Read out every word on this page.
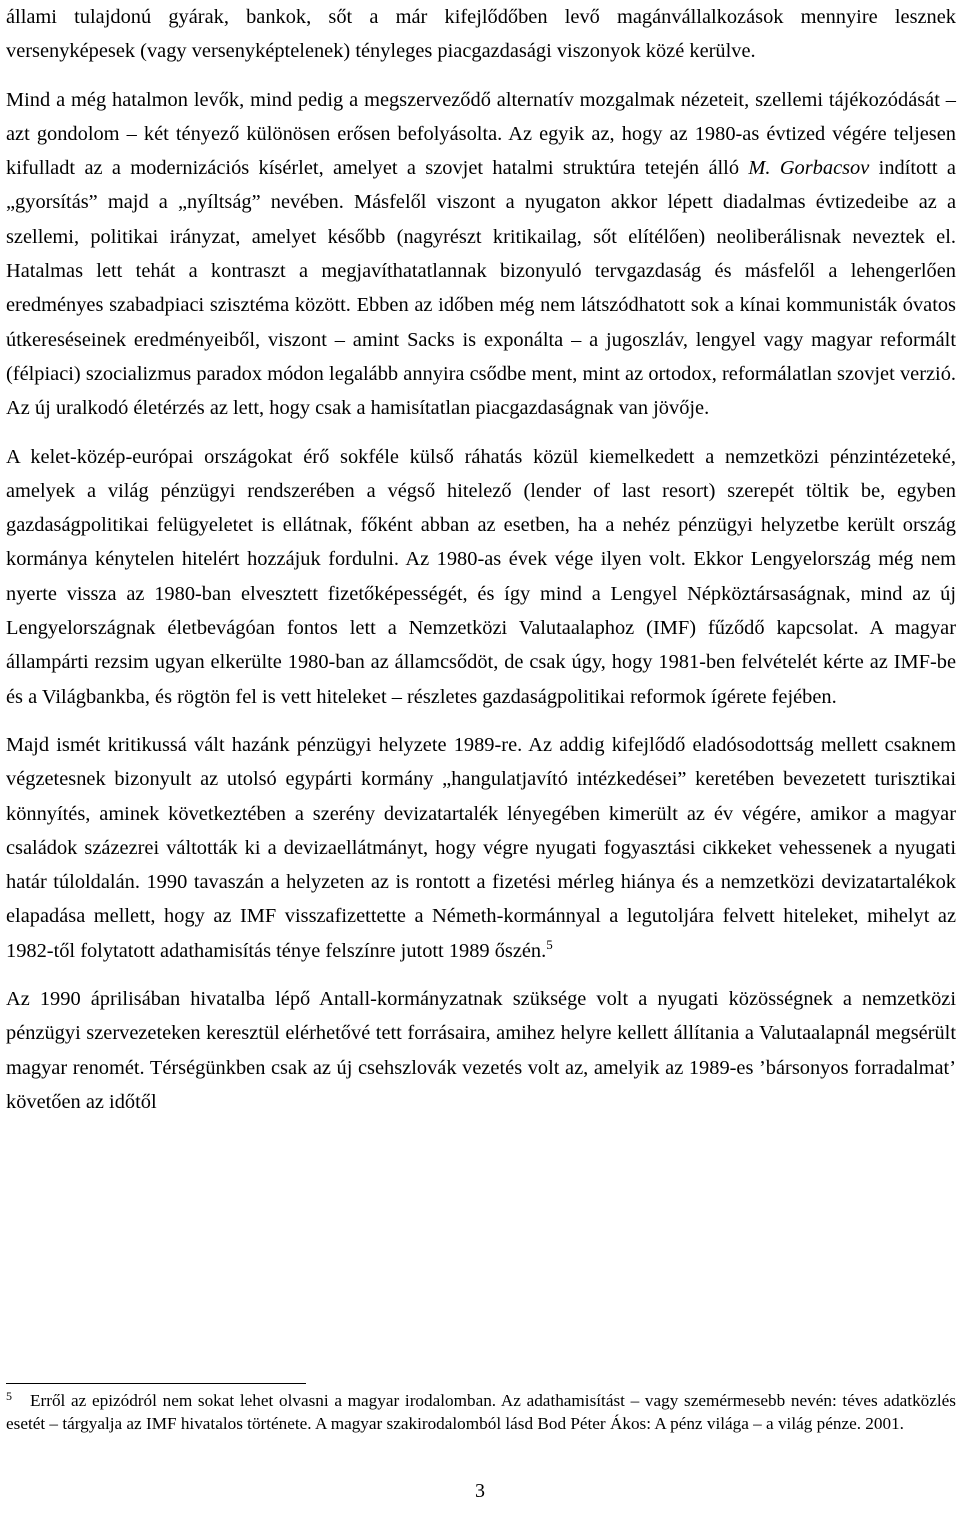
állami tulajdonú gyárak, bankok, sőt a már kifejlődőben levő magánvállalkozások mennyire lesznek versenyképesek (vagy versenyképtelenek) tényleges piacgazdasági viszonyok közé kerülve.

Mind a még hatalmon levők, mind pedig a megszerveződő alternatív mozgalmak nézeteit, szellemi tájékozódását – azt gondolom – két tényező különösen erősen befolyásolta. Az egyik az, hogy az 1980-as évtized végére teljesen kifulladt az a modernizációs kísérlet, amelyet a szovjet hatalmi struktúra tetején álló M. Gorbacsov indított a „gyorsítás” majd a „nyíltság” nevében. Másfelől viszont a nyugaton akkor lépett diadalmas évtizedeibe az a szellemi, politikai irányzat, amelyet később (nagyrészt kritikailag, sőt elítélően) neoliberálisnak neveztek el. Hatalmas lett tehát a kontraszt a megjavíthatatlannak bizonyuló tervgazdaság és másfelől a lehengerlően eredményes szabadpiaci szisztéma között. Ebben az időben még nem látszódhatott sok a kínai kommunisták óvatos útkereséseinek eredményeiből, viszont – amint Sacks is exponálta – a jugoszláv, lengyel vagy magyar reformált (félpiaci) szocializmus paradox módon legalább annyira csődbe ment, mint az ortodox, reformálatlan szovjet verzió. Az új uralkodó életérzés az lett, hogy csak a hamisítatlan piacgazdaságnak van jövője.

A kelet-közép-európai országokat érő sokféle külső ráhatás közül kiemelkedett a nemzetközi pénzintézeteké, amelyek a világ pénzügyi rendszerében a végső hitelező (lender of last resort) szerepét töltik be, egyben gazdaságpolitikai felügyeletet is ellátnak, főként abban az esetben, ha a nehéz pénzügyi helyzetbe került ország kormánya kénytelen hitelért hozzájuk fordulni. Az 1980-as évek vége ilyen volt. Ekkor Lengyelország még nem nyerte vissza az 1980-ban elvesztett fizetőképességét, és így mind a Lengyel Népköztársaságnak, mind az új Lengyelországnak életbevágóan fontos lett a Nemzetközi Valutaalaphoz (IMF) fűződő kapcsolat. A magyar állampárti rezsim ugyan elkerülte 1980-ban az államcsődöt, de csak úgy, hogy 1981-ben felvételét kérte az IMF-be és a Világbankba, és rögtön fel is vett hiteleket – részletes gazdaságpolitikai reformok ígérete fejében.

Majd ismét kritikussá vált hazánk pénzügyi helyzete 1989-re. Az addig kifejlődő eladósodottság mellett csaknem végzetesnek bizonyult az utolsó egypárti kormány „hangulatjavító intézkedései” keretében bevezetett turisztikai könnyítés, aminek következtében a szerény devizatartalék lényegében kimerült az év végére, amikor a magyar családok százezrei váltották ki a devizaellátmányt, hogy végre nyugati fogyasztási cikkeket vehessenek a nyugati határ túloldalán. 1990 tavaszán a helyzeten az is rontott a fizetési mérleg hiánya és a nemzetközi devizatartalékok elapadása mellett, hogy az IMF visszafizettette a Németh-kormánnyal a legutoljára felvett hiteleket, mihelyt az 1982-től folytatott adathamisítás ténye felszínre jutott 1989 őszén.$^5$

Az 1990 áprilisában hivatalba lépő Antall-kormányzatnak szüksége volt a nyugati közösségnek a nemzetközi pénzügyi szervezeteken keresztül elérhetővé tett forrásaira, amihez helyre kellett állítania a Valutaalapnál megsérült magyar renomét. Térségünkben csak az új csehszlovák vezetés volt az, amelyik az 1989-es ’bársonyos forradalmat’ követően az időtől

$^5$ Erről az epizódról nem sokat lehet olvasni a magyar irodalomban. Az adathamisítást – vagy szemérmesebb nevén: téves adatközlés esetét – tárgyalja az IMF hivatalos története. A magyar szakirodalomból lásd Bod Péter Ákos: A pénz világa – a világ pénze. 2001.

3
